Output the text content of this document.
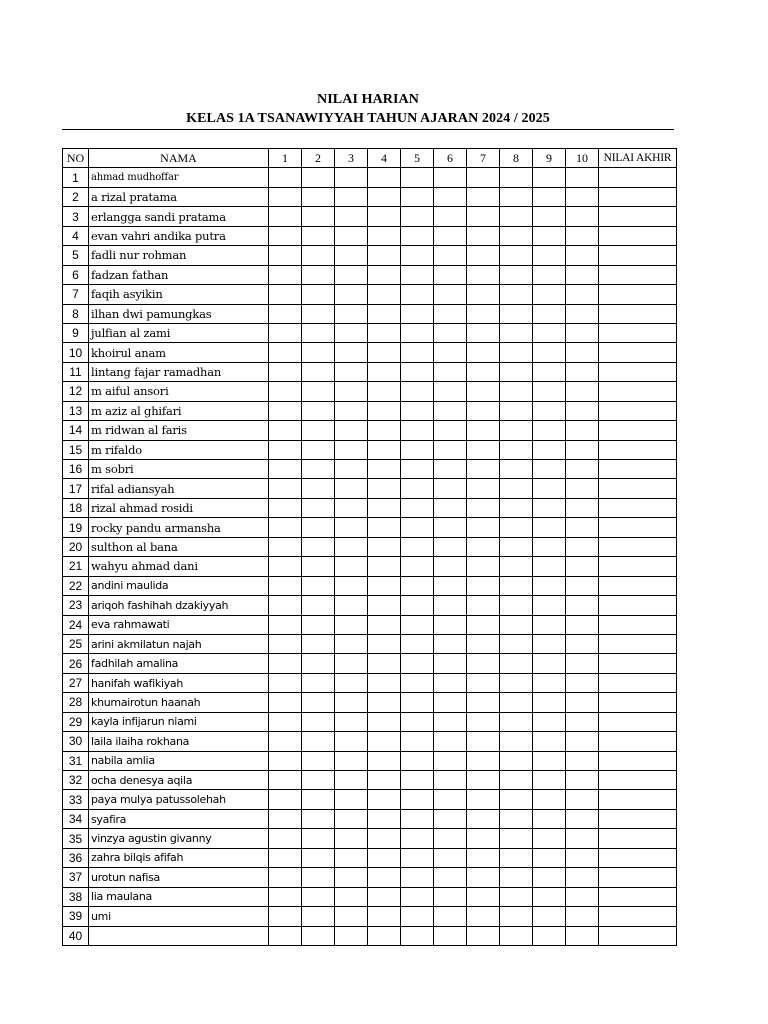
NILAI HARIAN
KELAS 1A TSANAWIYYAH TAHUN AJARAN 2024 / 2025
NO	NAMA	1	2	3	4	5	6	7	8	9	10	NILAI AKHIR
1	ahmad mudhoffar											
2	a rizal pratama											
3	erlangga sandi pratama											
4	evan vahri andika putra											
5	fadli nur rohman											
6	fadzan fathan											
7	faqih asyikin											
8	ilhan dwi pamungkas											
9	julfian al zami											
10	khoirul anam											
11	lintang fajar ramadhan											
12	m aiful ansori											
13	m aziz al ghifari											
14	m ridwan al faris											
15	m rifaldo											
16	m sobri											
17	rifal adiansyah											
18	rizal ahmad rosidi											
19	rocky pandu armansha											
20	sulthon al bana											
21	wahyu ahmad dani											
22	andini maulida											
23	ariqoh fashihah dzakiyyah											
24	eva rahmawati											
25	arini akmilatun najah											
26	fadhilah amalina											
27	hanifah wafikiyah											
28	khumairotun haanah											
29	kayla infijarun niami											
30	laila ilaiha rokhana											
31	nabila amlia											
32	ocha denesya aqila											
33	paya mulya patussolehah											
34	syafira											
35	vinzya agustin givanny											
36	zahra bilqis afifah											
37	urotun nafisa											
38	lia maulana											
39	umi											
40												
